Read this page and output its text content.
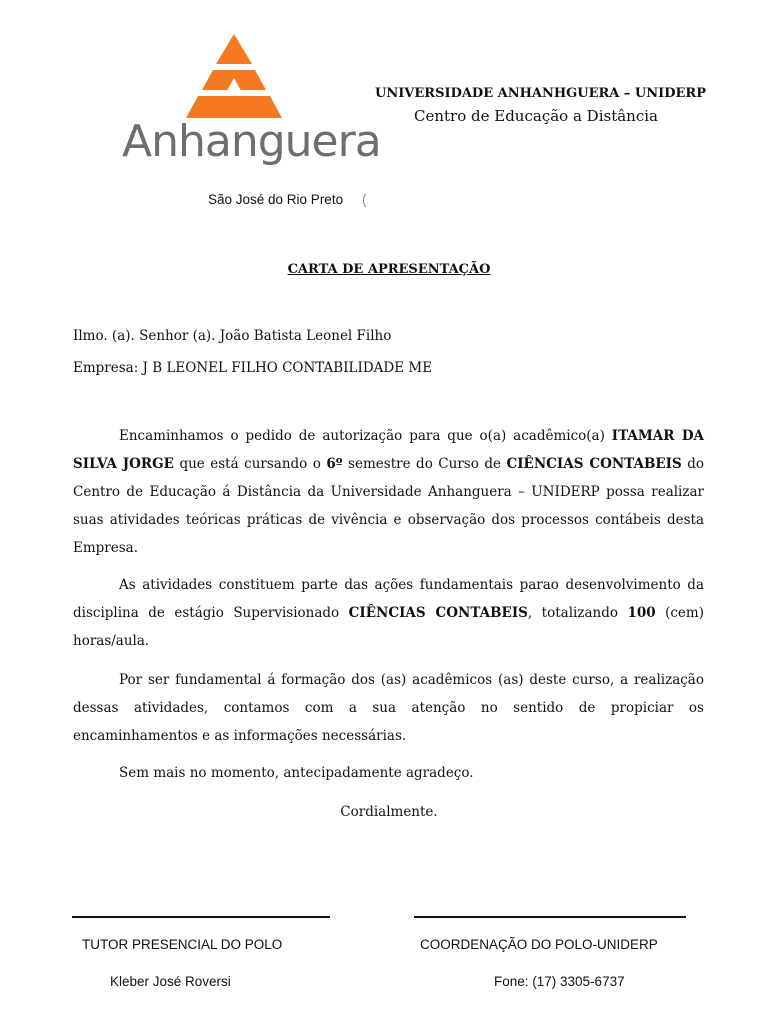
Anhanguera
UNIVERSIDADE ANHANHGUERA – UNIDERP
Centro de Educação a Distância
São José do Rio Preto (
CARTA DE APRESENTAÇÃO
Ilmo. (a). Senhor (a). João Batista Leonel Filho
Empresa: J B LEONEL FILHO CONTABILIDADE ME

Encaminhamos o pedido de autorização para que o(a) acadêmico(a) ITAMAR DA SILVA JORGE que está cursando o 6º semestre do Curso de CIÊNCIAS CONTABEIS do Centro de Educação á Distância da Universidade Anhanguera – UNIDERP possa realizar suas atividades teóricas práticas de vivência e observação dos processos contábeis desta Empresa.

As atividades constituem parte das ações fundamentais parao desenvolvimento da disciplina de estágio Supervisionado CIÊNCIAS CONTABEIS, totalizando 100 (cem) horas/aula.

Por ser fundamental á formação dos (as) acadêmicos (as) deste curso, a realização dessas atividades, contamos com a sua atenção no sentido de propiciar os encaminhamentos e as informações necessárias.

Sem mais no momento, antecipadamente agradeço.
Cordialmente.
TUTOR PRESENCIAL DO POLO
Kleber José Roversi
COORDENAÇÃO DO POLO-UNIDERP
Fone: (17) 3305-6737
